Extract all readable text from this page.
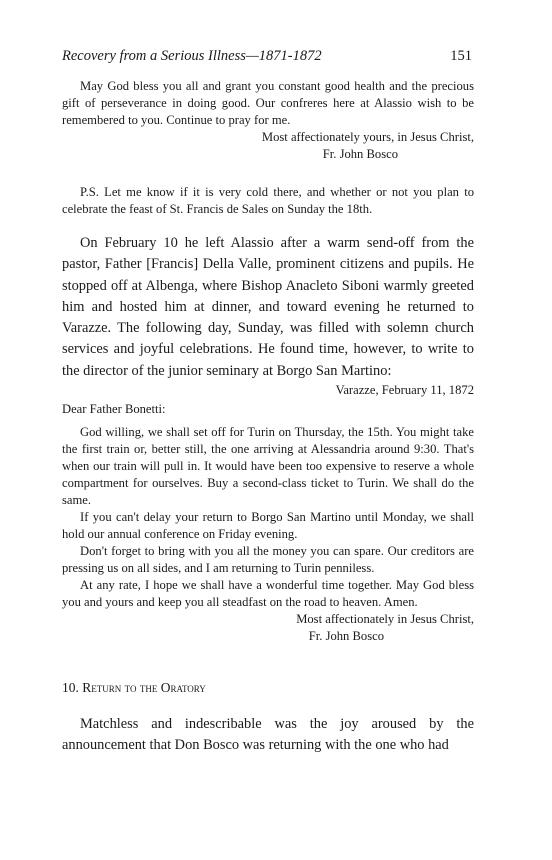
Recovery from a Serious Illness—1871-1872	151

May God bless you all and grant you constant good health and the precious gift of perseverance in doing good. Our confreres here at Alassio wish to be remembered to you. Continue to pray for me.

Most affectionately yours, in Jesus Christ,
Fr. John Bosco

P.S. Let me know if it is very cold there, and whether or not you plan to celebrate the feast of St. Francis de Sales on Sunday the 18th.

On February 10 he left Alassio after a warm send-off from the pastor, Father [Francis] Della Valle, prominent citizens and pupils. He stopped off at Albenga, where Bishop Anacleto Siboni warmly greeted him and hosted him at dinner, and toward evening he returned to Varazze. The following day, Sunday, was filled with solemn church services and joyful celebrations. He found time, however, to write to the director of the junior seminary at Borgo San Martino:

Varazze, February 11, 1872
Dear Father Bonetti:

God willing, we shall set off for Turin on Thursday, the 15th. You might take the first train or, better still, the one arriving at Alessandria around 9:30. That's when our train will pull in. It would have been too expensive to reserve a whole compartment for ourselves. Buy a second-class ticket to Turin. We shall do the same.

If you can't delay your return to Borgo San Martino until Monday, we shall hold our annual conference on Friday evening.

Don't forget to bring with you all the money you can spare. Our creditors are pressing us on all sides, and I am returning to Turin penniless.

At any rate, I hope we shall have a wonderful time together. May God bless you and yours and keep you all steadfast on the road to heaven. Amen.

Most affectionately in Jesus Christ,
Fr. John Bosco
10. Return to the Oratory

Matchless and indescribable was the joy aroused by the announcement that Don Bosco was returning with the one who had
